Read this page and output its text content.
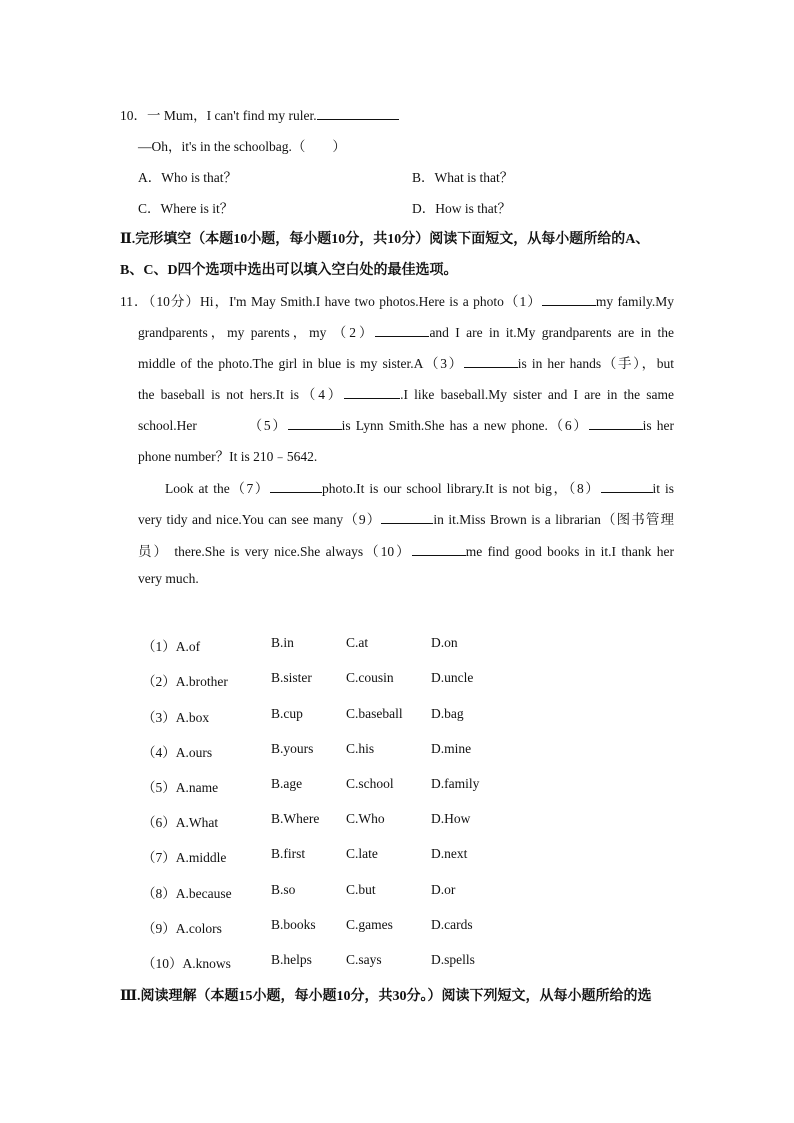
10．一 Mum，I can't find my ruler.
—Oh，it's in the schoolbag.（　　）
A．Who is that？	B．What is that？
C．Where is it？	D．How is that？
Ⅱ.完形填空（本题10小题，每小题10分，共10分）阅读下面短文，从每小题所给的A、
B、C、D四个选项中选出可以填入空白处的最佳选项。
11．（10分）Hi，I'm May Smith.I have two photos.Here is a photo（1）	my family.My
grandparents，my parents，my （2）	and I are in it.My grandparents are in the
middle of the photo.The girl in blue is my sister.A（3）	is in her hands（手），but
the baseball is not hers.It is（4）	.I like baseball.My sister and I are in the same
school.Her	（5）	is Lynn Smith.She has a new phone.（6）	is her
phone number？It is 210﹣5642.
Look at the（7）	photo.It is our school library.It is not big，（8）	it is
very tidy and nice.You can see many（9）	in it.Miss Brown is a librarian（图书管理
员） there.She is very nice.She always（10）	me find good books in it.I thank her
very much.
（1）A.of	B.in	C.at	D.on
（2）A.brother	B.sister	C.cousin	D.uncle
（3）A.box	B.cup	C.baseball D.bag
（4）A.ours	B.yours C.his	D.mine
（5）A.name	B.age	C.school	D.family
（6）A.What	B.Where C.Who	D.How
（7）A.middle	B.first	C.late	D.next
（8）A.because	B.so	C.but	D.or
（9）A.colors	B.books C.games	D.cards
（10）A.knows	B.helps	C.says	D.spells
Ⅲ.阅读理解（本题15小题，每小题10分，共30分。）阅读下列短文，从每小题所给的选
